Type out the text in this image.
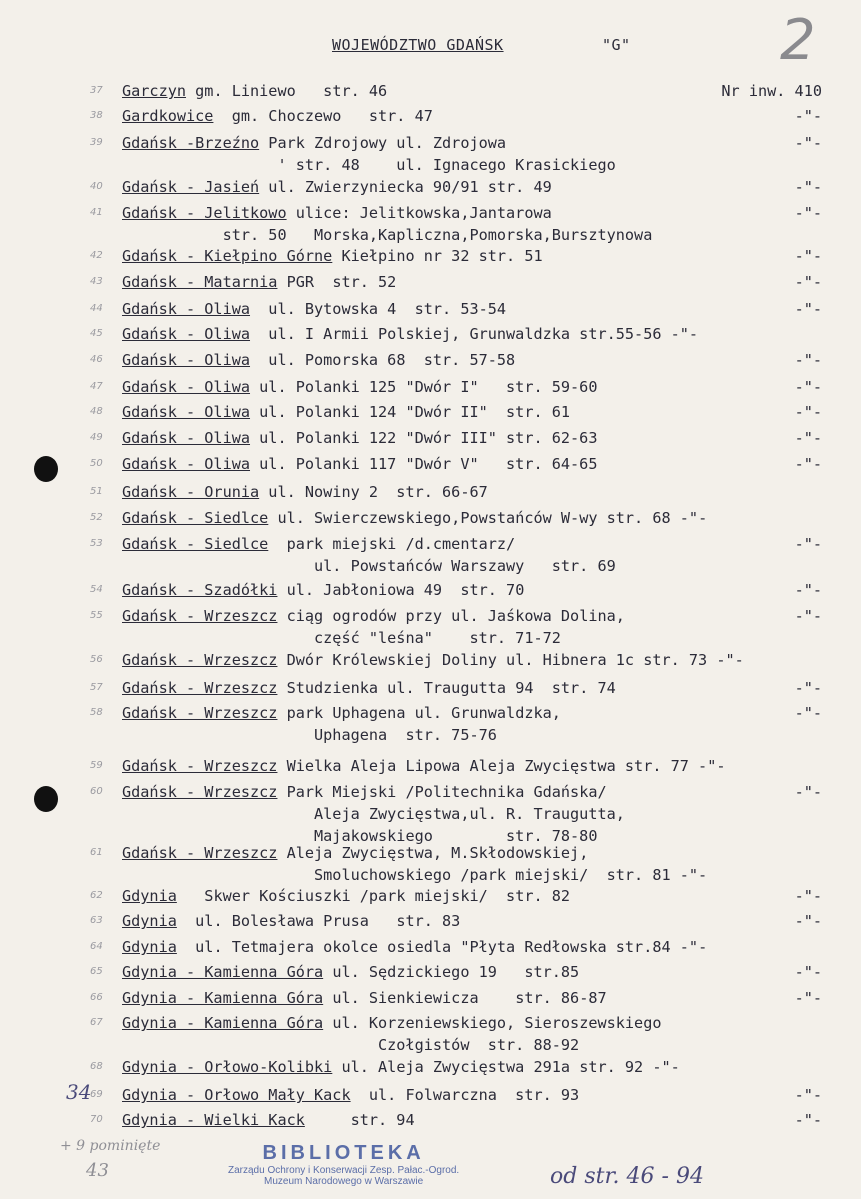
WOJEWÓDZTWO GDAŃSK	"G"	2
37 Garczyn gm. Liniewo   str. 46	Nr inw. 410
38 Gardkowice  gm. Choczewo   str. 47	-"-
39 Gdańsk -Brzeźno Park Zdrojowy ul. Zdrojowa	-"-
' str. 48    ul. Ignacego Krasickiego
40 Gdańsk - Jasień ul. Zwierzyniecka 90/91 str. 49	-"-
41 Gdańsk - Jelitkowo ulice: Jelitkowska,Jantarowa	-"-
str. 50   Morska,Kapliczna,Pomorska,Bursztynowa
42 Gdańsk - Kiełpino Górne Kiełpino nr 32 str. 51	-"-
43 Gdańsk - Matarnia PGR  str. 52	-"-
44 Gdańsk - Oliwa  ul. Bytowska 4  str. 53-54	-"-
45 Gdańsk - Oliwa  ul. I Armii Polskiej, Grunwaldzka str.55-56 -"-
46 Gdańsk - Oliwa  ul. Pomorska 68  str. 57-58	-"-
47 Gdańsk - Oliwa ul. Polanki 125 "Dwór I"   str. 59-60	-"-
48 Gdańsk - Oliwa ul. Polanki 124 "Dwór II"  str. 61	-"-
49 Gdańsk - Oliwa ul. Polanki 122 "Dwór III" str. 62-63	-"-
50 Gdańsk - Oliwa ul. Polanki 117 "Dwór V"   str. 64-65	-"-
51 Gdańsk - Orunia ul. Nowiny 2  str. 66-67
52 Gdańsk - Siedlce ul. Swierczewskiego,Powstańców W-wy str. 68 -"-
53 Gdańsk - Siedlce  park miejski /d.cmentarz/	-"-
ul. Powstańców Warszawy   str. 69
54 Gdańsk - Szadółki ul. Jabłoniowa 49  str. 70	-"-
55 Gdańsk - Wrzeszcz ciąg ogrodów przy ul. Jaśkowa Dolina,	-"-
część "leśna"    str. 71-72
56 Gdańsk - Wrzeszcz Dwór Królewskiej Doliny ul. Hibnera 1c str. 73 -"-
57 Gdańsk - Wrzeszcz Studzienka ul. Traugutta 94  str. 74	-"-
58 Gdańsk - Wrzeszcz park Uphagena ul. Grunwaldzka,	-"-
Uphagena  str. 75-76
59 Gdańsk - Wrzeszcz Wielka Aleja Lipowa Aleja Zwycięstwa str. 77 -"-
60 Gdańsk - Wrzeszcz Park Miejski /Politechnika Gdańska/	-"-
Aleja Zwycięstwa,ul. R. Traugutta,
Majakowskiego        str. 78-80
61 Gdańsk - Wrzeszcz Aleja Zwycięstwa, M.Skłodowskiej,
Smoluchowskiego /park miejski/  str. 81 -"-
62 Gdynia   Skwer Kościuszki /park miejski/  str. 82	-"-
63 Gdynia  ul. Bolesława Prusa   str. 83	-"-
64 Gdynia  ul. Tetmajera okolce osiedla "Płyta Redłowska str.84 -"-
65 Gdynia - Kamienna Góra ul. Sędzickiego 19   str.85	-"-
66 Gdynia - Kamienna Góra ul. Sienkiewicza    str. 86-87	-"-
67 Gdynia - Kamienna Góra ul. Korzeniewskiego, Sieroszewskiego
Czołgistów  str. 88-92
68 Gdynia - Orłowo-Kolibki ul. Aleja Zwycięstwa 291a str. 92 -"-
69 Gdynia - Orłowo Mały Kack  ul. Folwarczna  str. 93	-"-
70 Gdynia - Wielki Kack     str. 94	-"-
34
+ 9 pominięte
43	od str. 46 - 94
BIBLIOTEKA
Zarządu Ochrony i Konserwacji Zesp. Pałac.-Ogrod.
Muzeum Narodowego w Warszawie
